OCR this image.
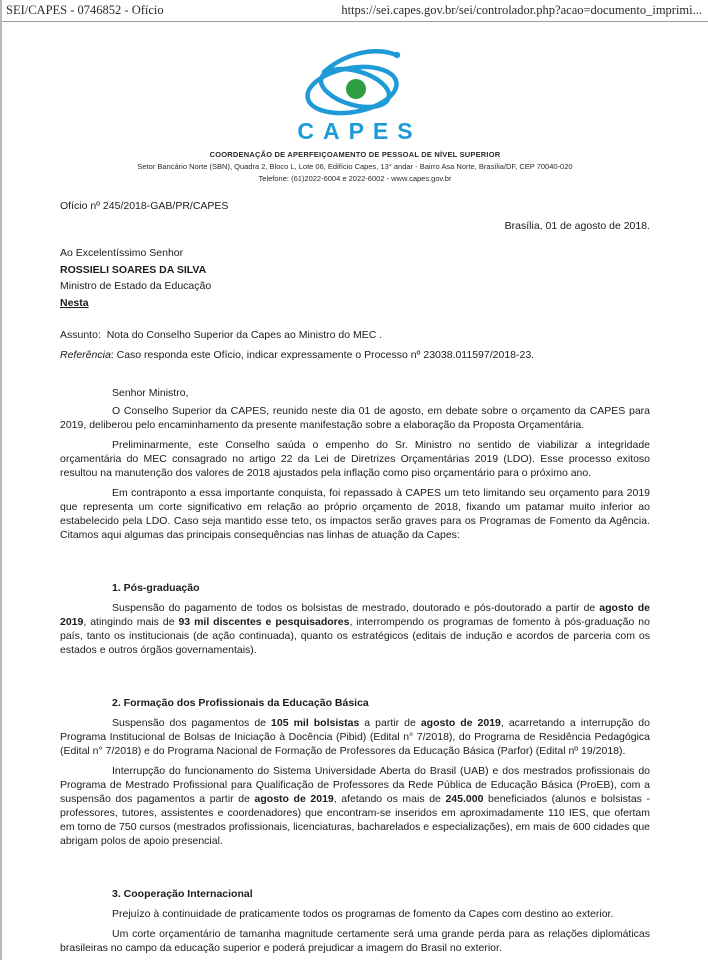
SEI/CAPES - 0746852 - Ofício	https://sei.capes.gov.br/sei/controlador.php?acao=documento_imprimi...
CAPES
COORDENAÇÃO DE APERFEIÇOAMENTO DE PESSOAL DE NÍVEL SUPERIOR
Setor Bancário Norte (SBN), Quadra 2, Bloco L, Lote 06, Edifício Capes, 13° andar - Bairro Asa Norte, Brasília/DF, CEP 70040-020
Telefone: (61)2022-6004 e 2022-6002 - www.capes.gov.br
Ofício nº 245/2018-GAB/PR/CAPES
Brasília, 01 de agosto de 2018.
Ao Excelentíssimo Senhor
ROSSIELI SOARES DA SILVA
Ministro de Estado da Educação
Nesta
Assunto: Nota do Conselho Superior da Capes ao Ministro do MEC .
Referência: Caso responda este Ofício, indicar expressamente o Processo nº 23038.011597/2018-23.
Senhor Ministro,
O Conselho Superior da CAPES, reunido neste dia 01 de agosto, em debate sobre o orçamento da CAPES para 2019, deliberou pelo encaminhamento da presente manifestação sobre a elaboração da Proposta Orçamentária.
Preliminarmente, este Conselho saúda o empenho do Sr. Ministro no sentido de viabilizar a integridade orçamentária do MEC consagrado no artigo 22 da Lei de Diretrizes Orçamentárias 2019 (LDO). Esse processo exitoso resultou na manutenção dos valores de 2018 ajustados pela inflação como piso orçamentário para o próximo ano.
Em contraponto a essa importante conquista, foi repassado à CAPES um teto limitando seu orçamento para 2019 que representa um corte significativo em relação ao próprio orçamento de 2018, fixando um patamar muito inferior ao estabelecido pela LDO. Caso seja mantido esse teto, os impactos serão graves para os Programas de Fomento da Agência. Citamos aqui algumas das principais consequências nas linhas de atuação da Capes:
1. Pós-graduação
Suspensão do pagamento de todos os bolsistas de mestrado, doutorado e pós-doutorado a partir de agosto de 2019, atingindo mais de 93 mil discentes e pesquisadores, interrompendo os programas de fomento à pós-graduação no país, tanto os institucionais (de ação continuada), quanto os estratégicos (editais de indução e acordos de parceria com os estados e outros órgãos governamentais).
2. Formação dos Profissionais da Educação Básica
Suspensão dos pagamentos de 105 mil bolsistas a partir de agosto de 2019, acarretando a interrupção do Programa Institucional de Bolsas de Iniciação à Docência (Pibid) (Edital n° 7/2018), do Programa de Residência Pedagógica (Edital n° 7/2018) e do Programa Nacional de Formação de Professores da Educação Básica (Parfor) (Edital nº 19/2018).
Interrupção do funcionamento do Sistema Universidade Aberta do Brasil (UAB) e dos mestrados profissionais do Programa de Mestrado Profissional para Qualificação de Professores da Rede Pública de Educação Básica (ProEB), com a suspensão dos pagamentos a partir de agosto de 2019, afetando os mais de 245.000 beneficiados (alunos e bolsistas - professores, tutores, assistentes e coordenadores) que encontram-se inseridos em aproximadamente 110 IES, que ofertam em torno de 750 cursos (mestrados profissionais, licenciaturas, bacharelados e especializações), em mais de 600 cidades que abrigam polos de apoio presencial.
3. Cooperação Internacional
Prejuízo à continuidade de praticamente todos os programas de fomento da Capes com destino ao exterior.
Um corte orçamentário de tamanha magnitude certamente será uma grande perda para as relações diplomáticas brasileiras no campo da educação superior e poderá prejudicar a imagem do Brasil no exterior.
